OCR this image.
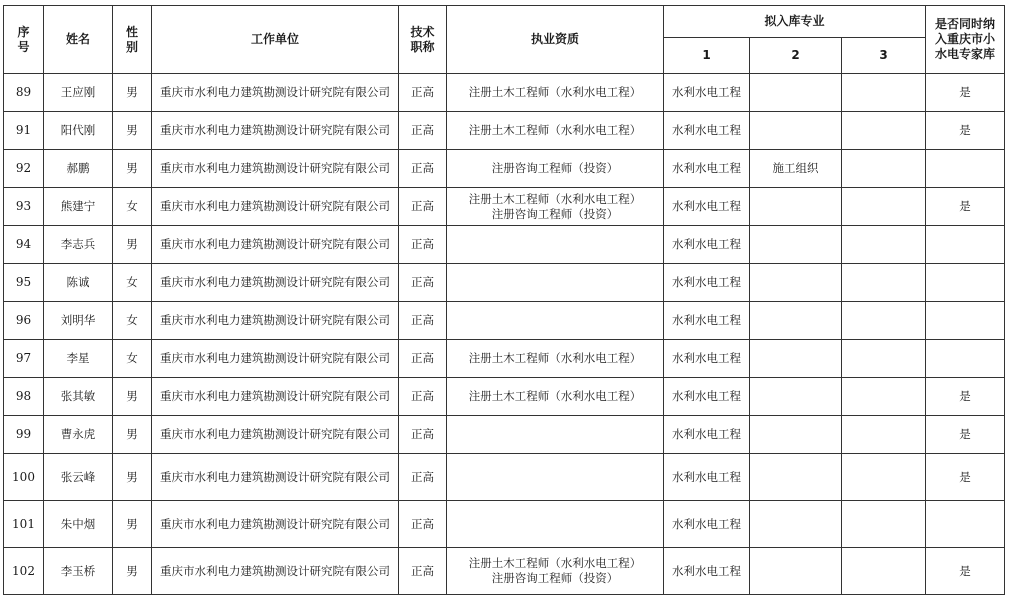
序号	姓名	性别	工作单位	技术职称	执业资质	拟入库专业			是否同时纳入重庆市小水电专家库

						1	2	3	
89	王应刚	男	重庆市水利电力建筑勘测设计研究院有限公司	正高	注册土木工程师（水利水电工程）	水利水电工程			是
91	阳代刚	男	重庆市水利电力建筑勘测设计研究院有限公司	正高	注册土木工程师（水利水电工程）	水利水电工程			是
92	郝鹏	男	重庆市水利电力建筑勘测设计研究院有限公司	正高	注册咨询工程师（投资）	水利水电工程	施工组织		
93	熊建宁	女	重庆市水利电力建筑勘测设计研究院有限公司	正高	注册土木工程师（水利水电工程）
注册咨询工程师（投资）	水利水电工程			是
94	李志兵	男	重庆市水利电力建筑勘测设计研究院有限公司	正高		水利水电工程			
95	陈诚	女	重庆市水利电力建筑勘测设计研究院有限公司	正高		水利水电工程			
96	刘明华	女	重庆市水利电力建筑勘测设计研究院有限公司	正高		水利水电工程			
97	李星	女	重庆市水利电力建筑勘测设计研究院有限公司	正高	注册土木工程师（水利水电工程）	水利水电工程			
98	张其敏	男	重庆市水利电力建筑勘测设计研究院有限公司	正高	注册土木工程师（水利水电工程）	水利水电工程			是
99	曹永虎	男	重庆市水利电力建筑勘测设计研究院有限公司	正高		水利水电工程			是
100	张云峰	男	重庆市水利电力建筑勘测设计研究院有限公司	正高		水利水电工程			是
101	朱中烟	男	重庆市水利电力建筑勘测设计研究院有限公司	正高		水利水电工程			
102	李玉桥	男	重庆市水利电力建筑勘测设计研究院有限公司	正高	注册土木工程师（水利水电工程）
注册咨询工程师（投资）	水利水电工程			是
